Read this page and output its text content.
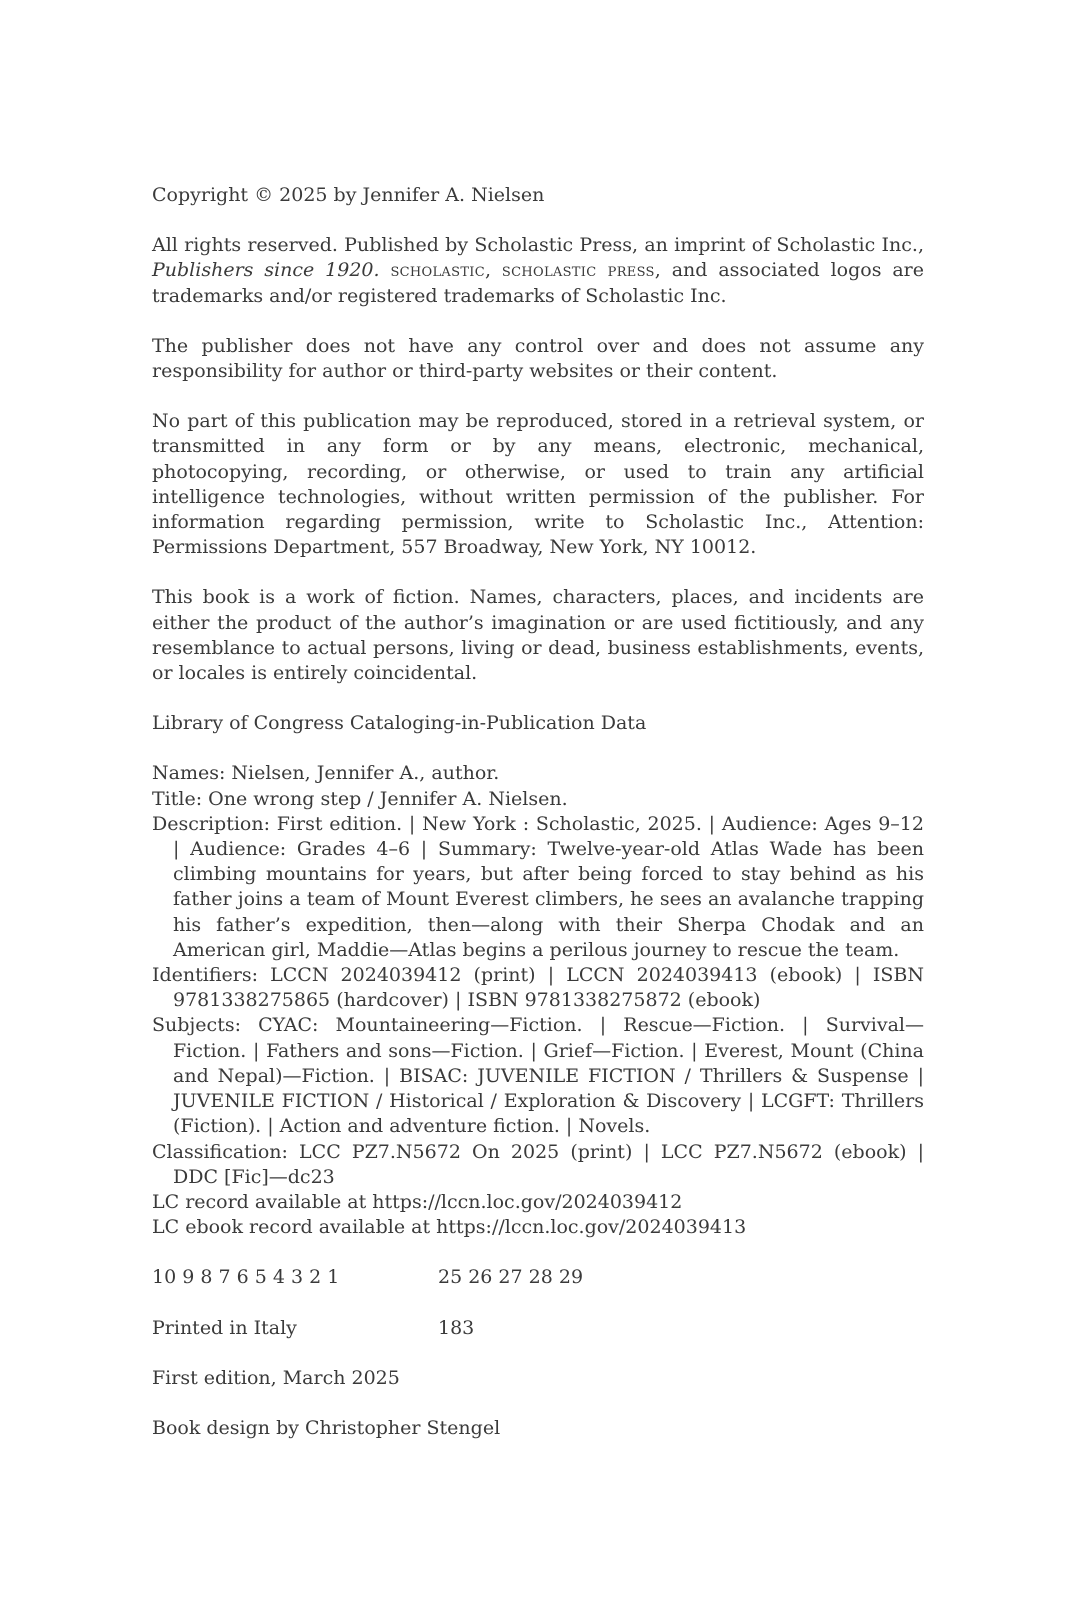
Copyright © 2025 by Jennifer A. Nielsen

All rights reserved. Published by Scholastic Press, an imprint of Scholastic Inc., Publishers since 1920. scholastic, scholastic press, and associated logos are trademarks and/or registered trademarks of Scholastic Inc.

The publisher does not have any control over and does not assume any responsibility for author or third-party websites or their content.

No part of this publication may be reproduced, stored in a retrieval system, or transmitted in any form or by any means, electronic, mechanical, photocopying, recording, or otherwise, or used to train any artificial intelligence technologies, without written permission of the publisher. For information regarding permission, write to Scholastic Inc., Attention: Permissions Department, 557 Broadway, New York, NY 10012.

This book is a work of fiction. Names, characters, places, and incidents are either the product of the author’s imagination or are used fictitiously, and any resemblance to actual persons, living or dead, business establishments, events, or locales is entirely coincidental.

Library of Congress Cataloging-in-Publication Data

Names: Nielsen, Jennifer A., author.

Title: One wrong step / Jennifer A. Nielsen.

Description: First edition. | New York : Scholastic, 2025. | Audience: Ages 9–12 | Audience: Grades 4–6 | Summary: Twelve-year-old Atlas Wade has been climbing mountains for years, but after being forced to stay behind as his father joins a team of Mount Everest climbers, he sees an avalanche trapping his father’s expedition, then—along with their Sherpa Chodak and an American girl, Maddie—Atlas begins a perilous journey to rescue the team.

Identifiers: LCCN 2024039412 (print) | LCCN 2024039413 (ebook) | ISBN 9781338275865 (hardcover) | ISBN 9781338275872 (ebook)

Subjects: CYAC: Mountaineering—Fiction. | Rescue—Fiction. | Survival—Fiction. | Fathers and sons—Fiction. | Grief—Fiction. | Everest, Mount (China and Nepal)—Fiction. | BISAC: JUVENILE FICTION / Thrillers & Suspense | JUVENILE FICTION / Historical / Exploration & Discovery | LCGFT: Thrillers (Fiction). | Action and adventure fiction. | Novels.

Classification: LCC PZ7.N5672 On 2025 (print) | LCC PZ7.N5672 (ebook) | DDC [Fic]—dc23

LC record available at https://lccn.loc.gov/2024039412

LC ebook record available at https://lccn.loc.gov/2024039413

10 9 8 7 6 5 4 3 2 1	25 26 27 28 29
Printed in Italy	183

First edition, March 2025

Book design by Christopher Stengel
